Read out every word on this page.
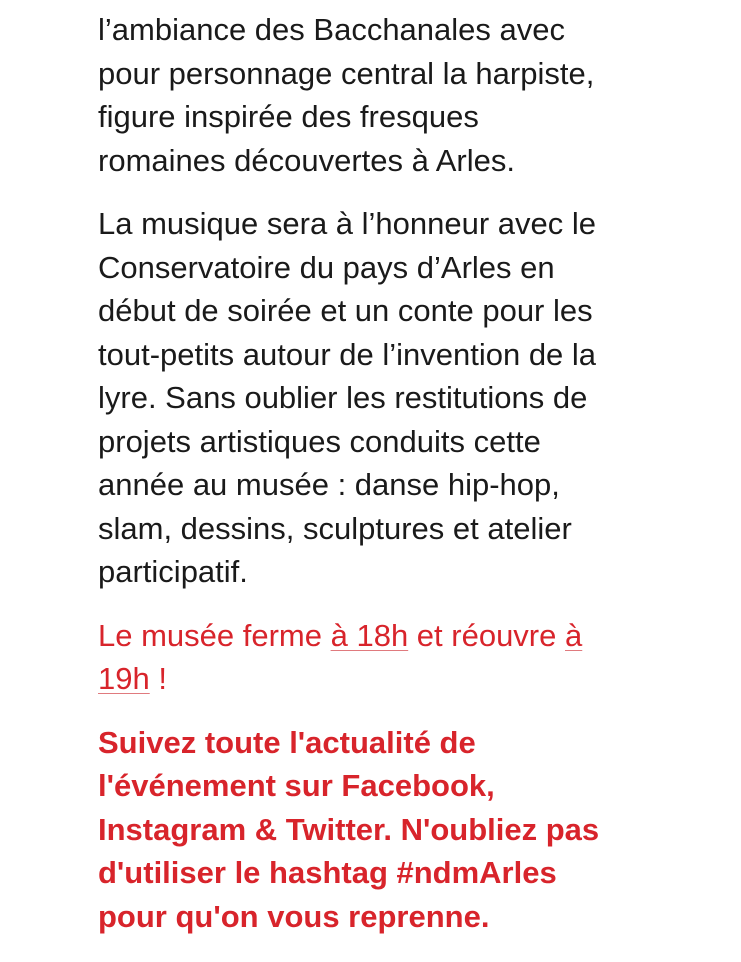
l’ambiance des Bacchanales avec
pour personnage central la harpiste,
figure inspirée des fresques
romaines découvertes à Arles.

La musique sera à l’honneur avec le
Conservatoire du pays d’Arles en
début de soirée et un conte pour les
tout-petits autour de l’invention de la
lyre. Sans oublier les restitutions de
projets artistiques conduits cette
année au musée : danse hip-hop,
slam, dessins, sculptures et atelier
participatif.

Le musée ferme à 18h et réouvre à
19h !

Suivez toute l'actualité de
l'événement sur Facebook,
Instagram & Twitter. N'oubliez pas
d'utiliser le hashtag #ndmArles
pour qu'on vous reprenne.
